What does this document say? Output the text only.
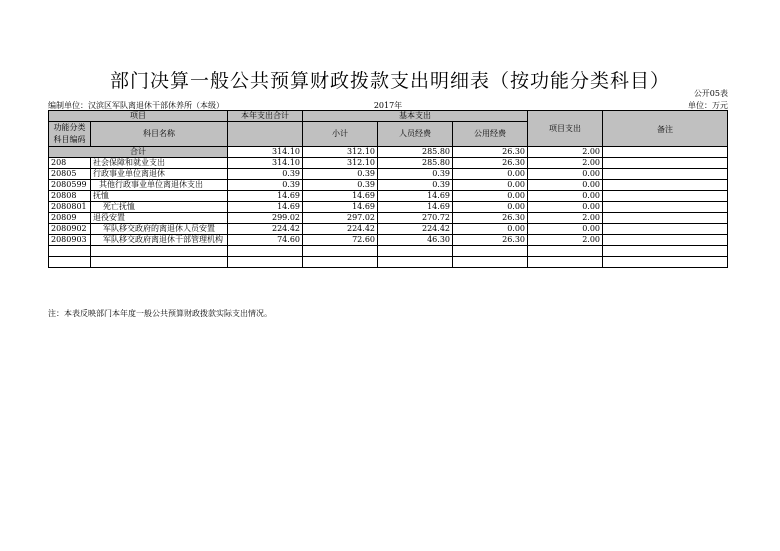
部门决算一般公共预算财政拨款支出明细表（按功能分类科目）
公开05表
编制单位：汉滨区军队离退休干部休养所（本级）	2017年	单位：万元
项目		本年支出合计	基本支出			项目支出	备注
功能分类科目编码	科目名称		小计	人员经费	公用经费		

合计		314.10	312.10	285.80	26.30	2.00	
208	社会保障和就业支出	314.10	312.10	285.80	26.30	2.00	
20805	行政事业单位离退休	0.39	0.39	0.39	0.00	0.00	
2080599	其他行政事业单位离退休支出	0.39	0.39	0.39	0.00	0.00	
20808	抚恤	14.69	14.69	14.69	0.00	0.00	
2080801	死亡抚恤	14.69	14.69	14.69	0.00	0.00	
20809	退役安置	299.02	297.02	270.72	26.30	2.00	
2080902	军队移交政府的离退休人员安置	224.42	224.42	224.42	0.00	0.00	
2080903	军队移交政府离退休干部管理机构	74.60	72.60	46.30	26.30	2.00	

注：本表反映部门本年度一般公共预算财政拨款实际支出情况。
